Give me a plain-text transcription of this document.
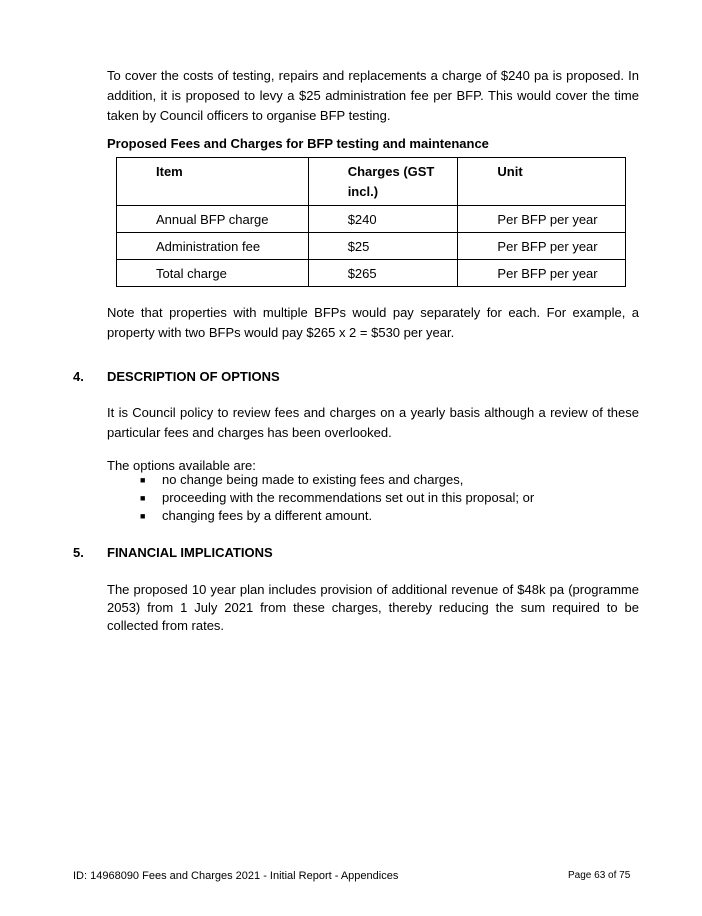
To cover the costs of testing, repairs and replacements a charge of $240 pa is proposed. In addition, it is proposed to levy a $25 administration fee per BFP. This would cover the time taken by Council officers to organise BFP testing.

Proposed Fees and Charges for BFP testing and maintenance
Item	Charges (GST incl.)	Unit

Annual BFP charge	$240	Per BFP per year
Administration fee	$25	Per BFP per year
Total charge	$265	Per BFP per year

Note that properties with multiple BFPs would pay separately for each. For example, a property with two BFPs would pay $265 x 2 = $530 per year.

4. DESCRIPTION OF OPTIONS

It is Council policy to review fees and charges on a yearly basis although a review of these particular fees and charges has been overlooked.

The options available are:

■ no change being made to existing fees and charges,
■ proceeding with the recommendations set out in this proposal; or
■ changing fees by a different amount.
5. FINANCIAL IMPLICATIONS

The proposed 10 year plan includes provision of additional revenue of $48k pa (programme 2053) from 1 July 2021 from these charges, thereby reducing the sum required to be collected from rates.

ID: 14968090 Fees and Charges 2021 - Initial Report - Appendices	Page 63 of 75
